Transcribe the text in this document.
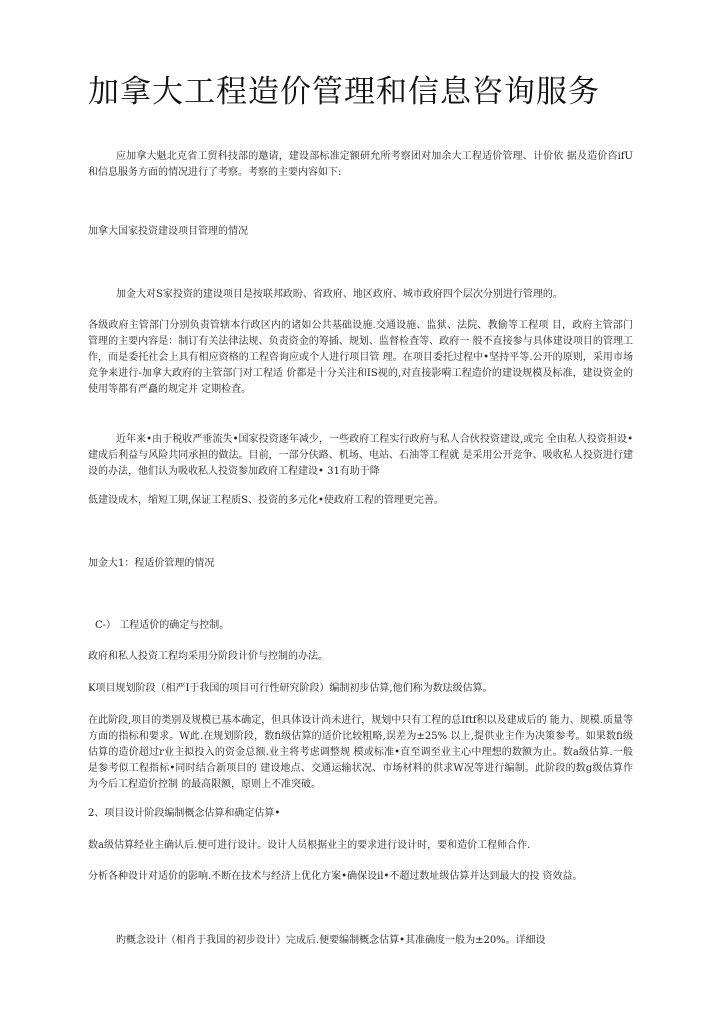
加拿大工程造价管理和信息咨询服务

应加拿大魁北克省工贸科技部的邀请，建设部标准定额研允所考察团对加余大工程适价管理、计价依 据及造价咨ifU和信息服务方面的情况进行了考察。考察的主要内容如下:

加拿大国家投资建设项目管理的情况

加金大对S家投资的建设项目是按联邦政盼、省政府、地区政府、城市政府四个层次分别进行管理的。

各级政府主管部门分别负责管辖本行政区内的诸如公共基础设施.交通设施、监狱、法院、教偷等工程项 目，政府主管部门管理的主要内容是：制订有关法律法规、负责资金的筹插、规划、监督检査等、政府一 般不直接参与具体建设项目的管理工作，而是委托社会上具有相应资格的工程咨询应或个人进行项目管 理。在项目委托过程中•坚持平等.公开的原则，采用市场竞争来进行-加拿大政府的主管部门对工程适 价都是十分关注和IS视的,对直接影嗬工程造价的建设规模及标准，建设资金的使用等都有严矗的规定并 定期检査。

近年来•由于税收严垂流失•国家投资逐年减少，一些政府工程实行政府与私人合伙投资建设,或完 全由私人投资担设•建成后利益与风险共同承担的做法。目前，一部分伕路、机场、电站、石油等工程就 是采用公开竞争、吸收私人投资进行建设的办法，他们认为吸收私人投资参加政府工程建设• 31有助于降

低建设成木，缩短工期,保证工程质S、投资的多元化•使政府工程的管理更完善。

加金大1：程适价管理的情况

C-） 工程适价的确定与控制。

政府和私人投资工程均采用分阶段计价与控制的办法。

K项目规划阶段（相严I于我国的项目可行性研究阶段）编制初步估算,他们称为数珐级估算。

在此阶段,项目的类别及规模已基本确定，但具体设计尚未进行，规划中只有工程的总Iftf积以及建成后的 能力、规模.质量等方面的指标和要求。W此.在规划阶段，数fi级估算的适价比较粗略,误差为±25% 以上,提供业主作为决策参考。如果数fi级估算的造价超过r业主拟投入的资金总额.业主将考虑调整规 模或标准•直至调至业主心中理想的数额为止。数a级估算.一般是参考似工程指标•同时结合新项目的 建设地点、交通运输状况、市场材料的供求W况等进行编制。此阶段的数g级估算作为今后工程造价控制 的最高限额，原则上不准突破。

2、项目设计阶段编制概念估算和确定估算•

数a级估算经业主确认后.便可进行设计。设计人员根据业主的要求进行设计时，要和造价工程师合作.

分析各种设计对适价的影响.不断在技术与经济上优化方案•确保设il•不超过数址级估算并达到最大的投 资效益。

旳概念设计（相肖于我国的初步设计）完成后.便要编制概念估算•其准确度一般为±20%。详細设
